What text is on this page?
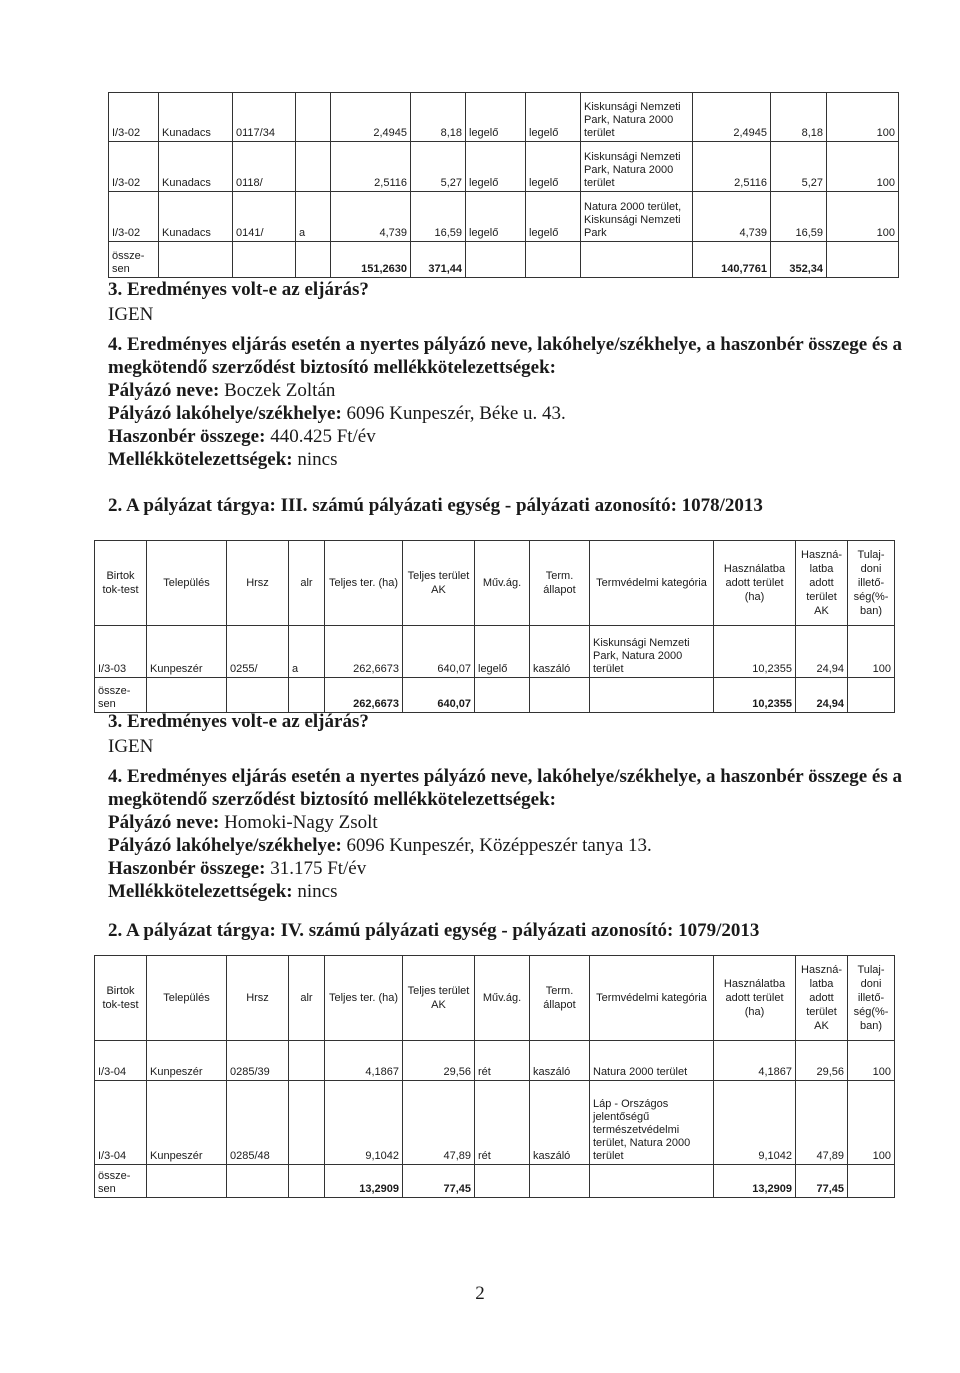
I/3-02	Kunadacs	0117/34		2,4945	8,18	legelő	legelő	Kiskunsági Nemzeti Park, Natura 2000 terület	2,4945	8,18	100
I/3-02	Kunadacs	0118/		2,5116	5,27	legelő	legelő	Kiskunsági Nemzeti Park, Natura 2000 terület	2,5116	5,27	100
I/3-02	Kunadacs	0141/	a	4,739	16,59	legelő	legelő	Natura 2000 terület, Kiskunsági Nemzeti Park	4,739	16,59	100
össze-sen				151,2630	371,44				140,7761	352,34	

3. Eredményes volt-e az eljárás?

IGEN

4. Eredményes eljárás esetén a nyertes pályázó neve, lakóhelye/székhelye, a haszonbér összege és a megkötendő szerződést biztosító mellékkötelezettségek:

Pályázó neve: Boczek Zoltán

Pályázó lakóhelye/székhelye: 6096 Kunpeszér, Béke u. 43.

Haszonbér összege: 440.425 Ft/év

Mellékkötelezettségek: nincs

2. A pályázat tárgya: III. számú pályázati egység - pályázati azonosító: 1078/2013

Birtok tok-test	Település	Hrsz	alr	Teljes ter. (ha)	Teljes terület AK	Műv.ág.	Term. állapot	Termvédelmi kategória	Használatba adott terület (ha)	Haszná-latba adott terület AK	Tulaj-doni illető-ség(%-ban)
I/3-03	Kunpeszér	0255/	a	262,6673	640,07	legelő	kaszáló	Kiskunsági Nemzeti Park, Natura 2000 terület	10,2355	24,94	100
össze-sen				262,6673	640,07				10,2355	24,94	

3. Eredményes volt-e az eljárás?

IGEN

4. Eredményes eljárás esetén a nyertes pályázó neve, lakóhelye/székhelye, a haszonbér összege és a megkötendő szerződést biztosító mellékkötelezettségek:

Pályázó neve: Homoki-Nagy Zsolt

Pályázó lakóhelye/székhelye: 6096 Kunpeszér, Középpeszér tanya 13.

Haszonbér összege: 31.175 Ft/év

Mellékkötelezettségek: nincs

2. A pályázat tárgya: IV. számú pályázati egység - pályázati azonosító: 1079/2013

Birtok tok-test	Település	Hrsz	alr	Teljes ter. (ha)	Teljes terület AK	Műv.ág.	Term. állapot	Termvédelmi kategória	Használatba adott terület (ha)	Haszná-latba adott terület AK	Tulaj-doni illető-ség(%-ban)
I/3-04	Kunpeszér	0285/39		4,1867	29,56	rét	kaszáló	Natura 2000 terület	4,1867	29,56	100
I/3-04	Kunpeszér	0285/48		9,1042	47,89	rét	kaszáló	Láp - Országos jelentőségű természetvédelmi terület, Natura 2000 terület	9,1042	47,89	100
össze-sen				13,2909	77,45				13,2909	77,45	
2
